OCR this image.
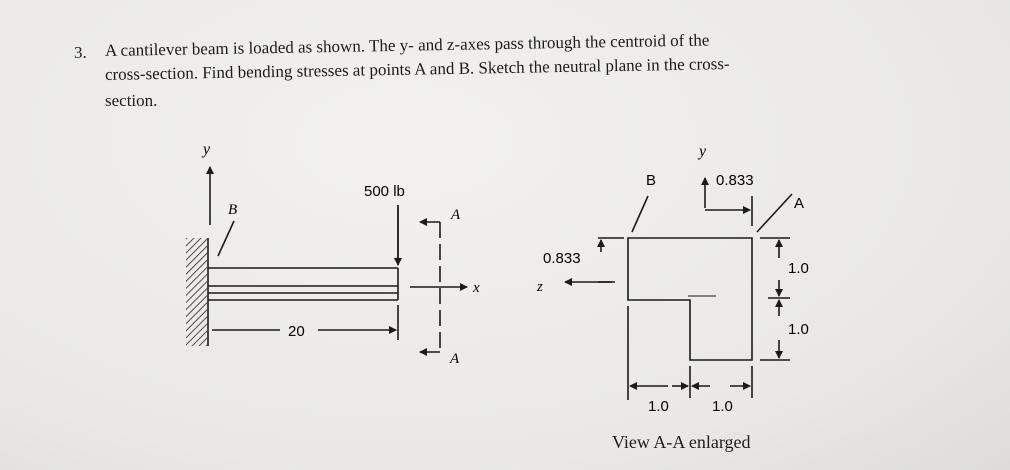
3. A cantilever beam is loaded as shown. The y- and z-axes pass through the centroid of the
cross-section. Find bending stresses at points A and B. Sketch the neutral plane in the cross-
section.
y
B
500 lb
A
A
x
20
y
B
A
0.833
0.833
z
1.0
1.0
1.0	1.0
View A-A enlarged
